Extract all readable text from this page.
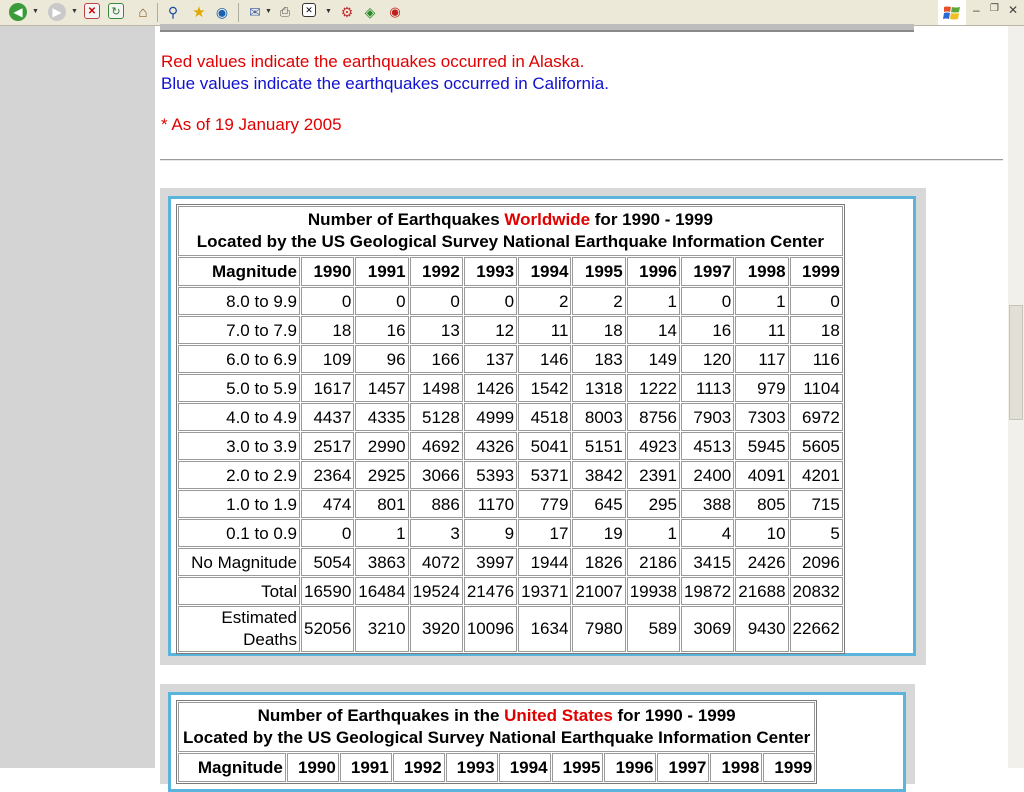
◀	▼	▶	▼ ✕	↻ ⌂	⚲ ★ ◉ ✉ ▼ ⎙	✕	▼ ⚙ ◈ ◉	– ❐ ✕
Red values indicate the earthquakes occurred in Alaska.
Blue values indicate the earthquakes occurred in California.
* As of 19 January 2005
Number of Earthquakes Worldwide for 1990 - 1999
Located by the US Geological Survey National Earthquake Information Center										
Magnitude	1990	1991	1992	1993	1994	1995	1996	1997	1998	1999
8.0 to 9.9	0	0	0	0	2	2	1	0	1	0
7.0 to 7.9	18	16	13	12	11	18	14	16	11	18
6.0 to 6.9	109	96	166	137	146	183	149	120	117	116
5.0 to 5.9	1617	1457	1498	1426	1542	1318	1222	1113	979	1104
4.0 to 4.9	4437	4335	5128	4999	4518	8003	8756	7903	7303	6972
3.0 to 3.9	2517	2990	4692	4326	5041	5151	4923	4513	5945	5605
2.0 to 2.9	2364	2925	3066	5393	5371	3842	2391	2400	4091	4201
1.0 to 1.9	474	801	886	1170	779	645	295	388	805	715
0.1 to 0.9	0	1	3	9	17	19	1	4	10	5
No Magnitude	5054	3863	4072	3997	1944	1826	2186	3415	2426	2096
Total	16590	16484	19524	21476	19371	21007	19938	19872	21688	20832
Estimated Deaths	52056	3210	3920	10096	1634	7980	589	3069	9430	22662
Number of Earthquakes in the United States for 1990 - 1999
Located by the US Geological Survey National Earthquake Information Center
Magnitude	1990	1991	1992	1993	1994	1995	1996	1997	1998	1999
